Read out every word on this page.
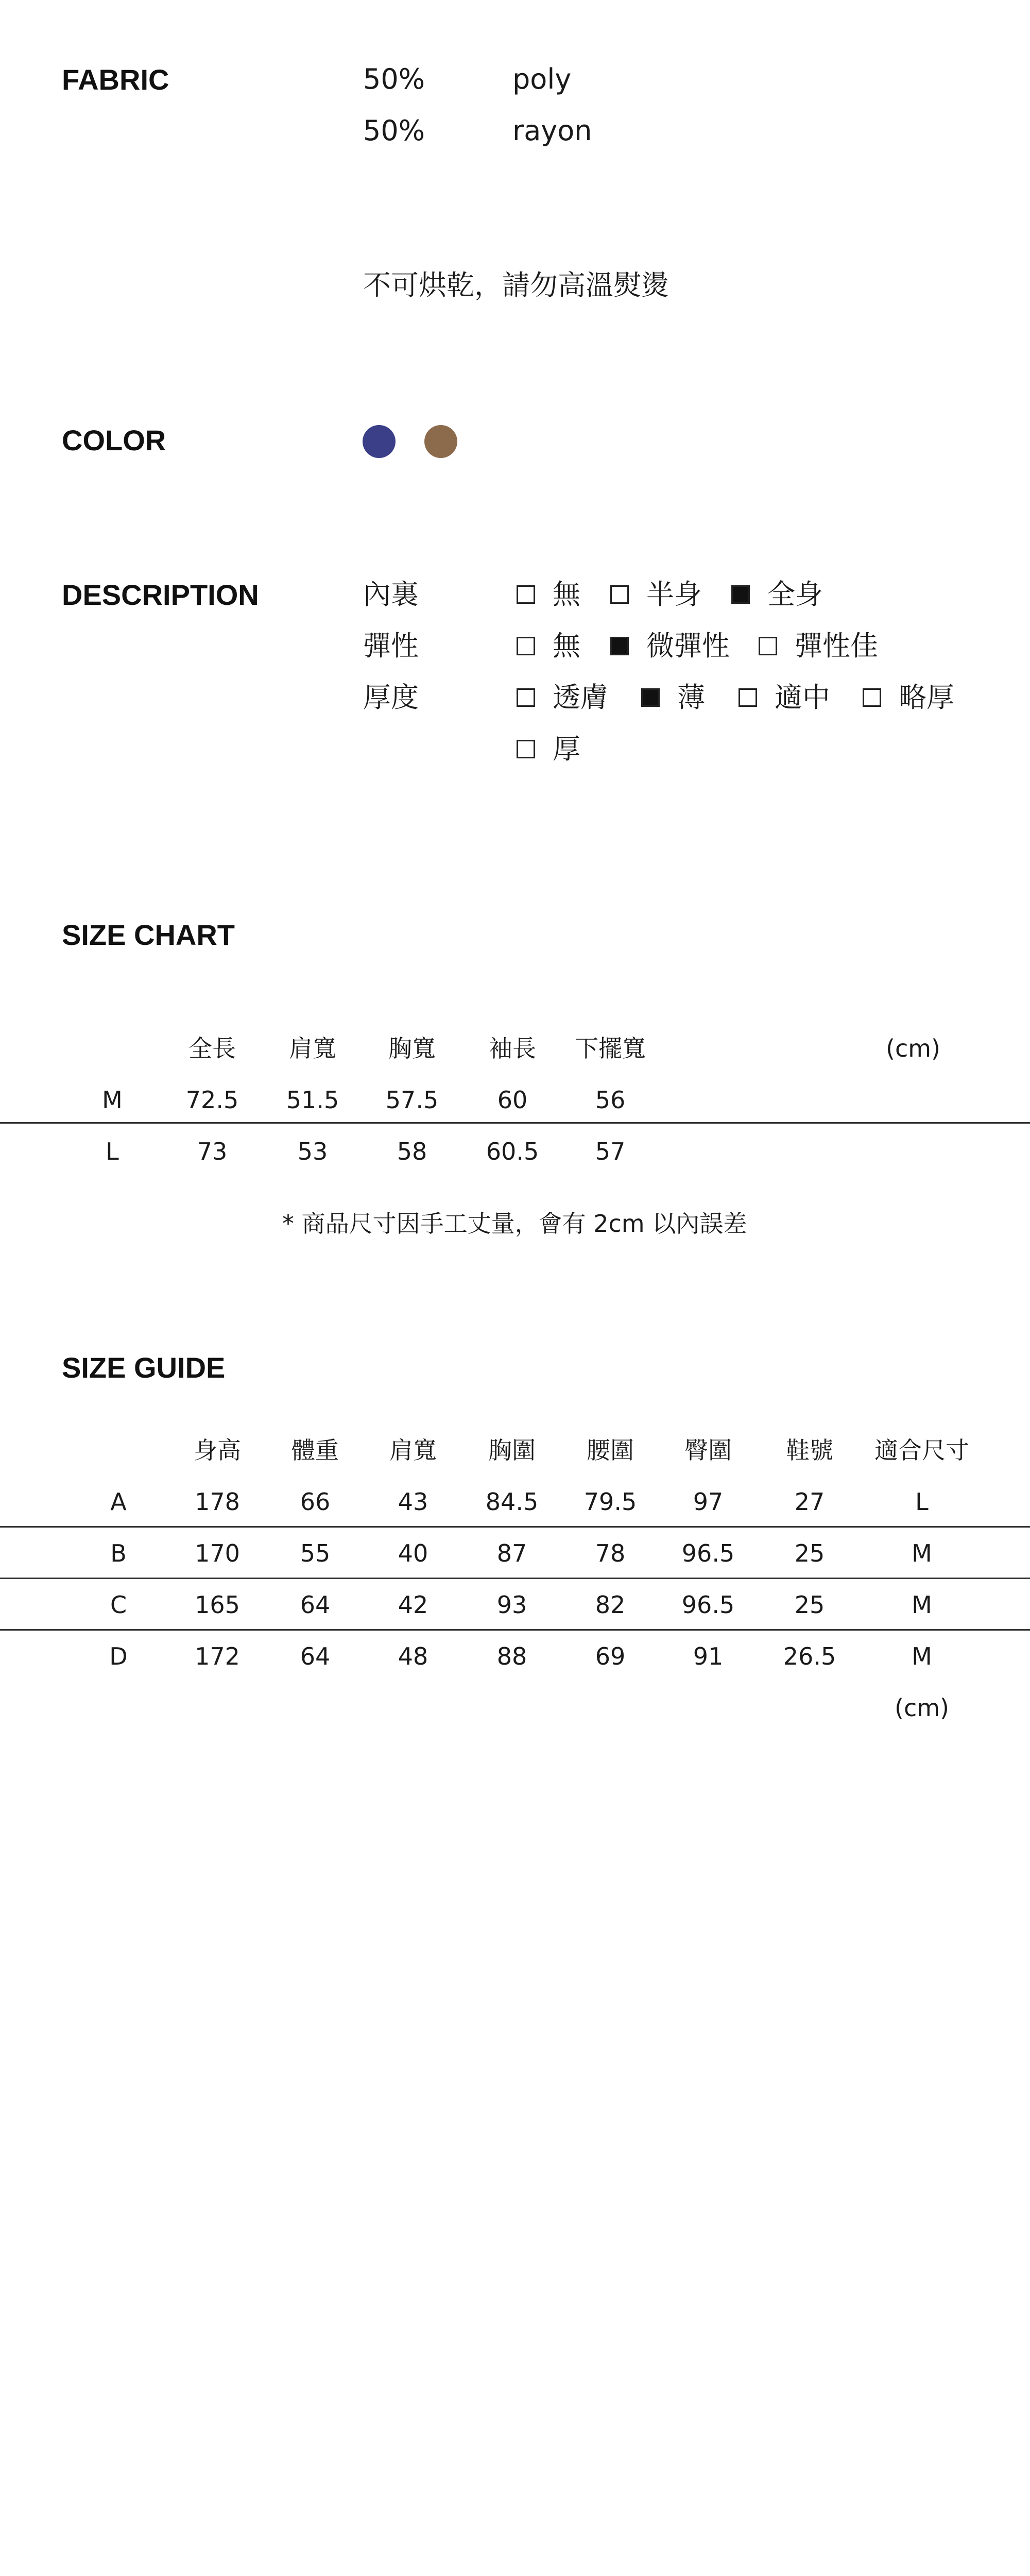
FABRIC	50%	poly
50%	rayon
不可烘乾，請勿高溫熨燙
COLOR
DESCRIPTION	內裏	無 半身 全身
彈性	無 微彈性 彈性佳
厚度	透膚 薄	適中 略厚
厚
SIZE CHART
全長 肩寬 胸寬 袖長 下擺寬
M	72.5 51.5 57.5 60	56
L	73	53	58 60.5 57
(cm)
* 商品尺寸因手工丈量，會有 2cm 以內誤差
SIZE GUIDE
身高 體重 肩寬 胸圍 腰圍 臀圍 鞋號 適合尺寸
A	178	66	43 84.5 79.5 97	27	L
B	170	55	40	87	78 96.5	25	M
C	165	64	42	93	82 96.5	25	M
D	172	64	48	88	69	91	26.5	M
(cm)
